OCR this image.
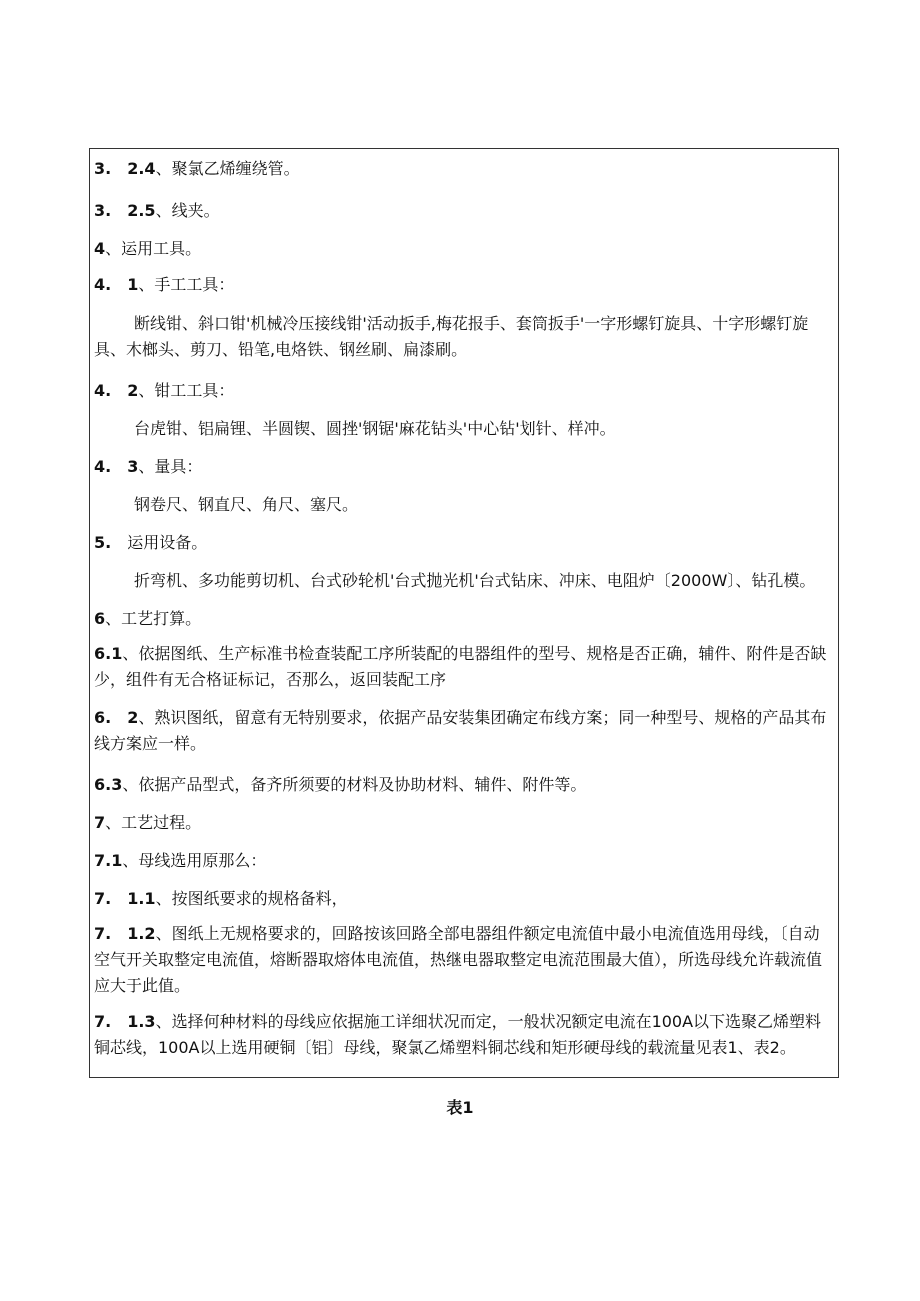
3.　2.4、聚氯乙烯缠绕管。

3.　2.5、线夹。

4、运用工具。

4.　1、手工工具：

断线钳、斜口钳'机械冷压接线钳'活动扳手,梅花报手、套筒扳手'一字形螺钉旋具、十字形螺钉旋具、木榔头、剪刀、铅笔,电烙铁、钢丝刷、扁漆刷。

4.　2、钳工工具：

台虎钳、铝扁锂、半圆锲、圆挫'钢锯'麻花钻头'中心钻'划针、样冲。

4.　3、量具：

钢卷尺、钢直尺、角尺、塞尺。

5.　运用设备。

折弯机、多功能剪切机、台式砂轮机'台式抛光机'台式钻床、冲床、电阻炉〔2000W〕、钻孔模。

6、工艺打算。

6.1、依据图纸、生产标准书检查装配工序所装配的电器组件的型号、规格是否正确，辅件、附件是否缺少，组件有无合格证标记，否那么，返回装配工序

6.　2、熟识图纸，留意有无特别要求，依据产品安装集团确定布线方案；同一种型号、规格的产品其布线方案应一样。

6.3、依据产品型式，备齐所须要的材料及协助材料、辅件、附件等。

7、工艺过程。

7.1、母线选用原那么：

7.　1.1、按图纸要求的规格备料，

7.　1.2、图纸上无规格要求的，回路按该回路全部电器组件额定电流值中最小电流值选用母线，〔自动空气开关取整定电流值，熔断器取熔体电流值，热继电器取整定电流范围最大值），所选母线允许载流值应大于此值。

7.　1.3、选择何种材料的母线应依据施工详细状况而定，一般状况额定电流在100A以下选聚乙烯塑料铜芯线，100A以上选用硬铜〔铝〕母线，聚氯乙烯塑料铜芯线和矩形硬母线的载流量见表1、表2。

表1
